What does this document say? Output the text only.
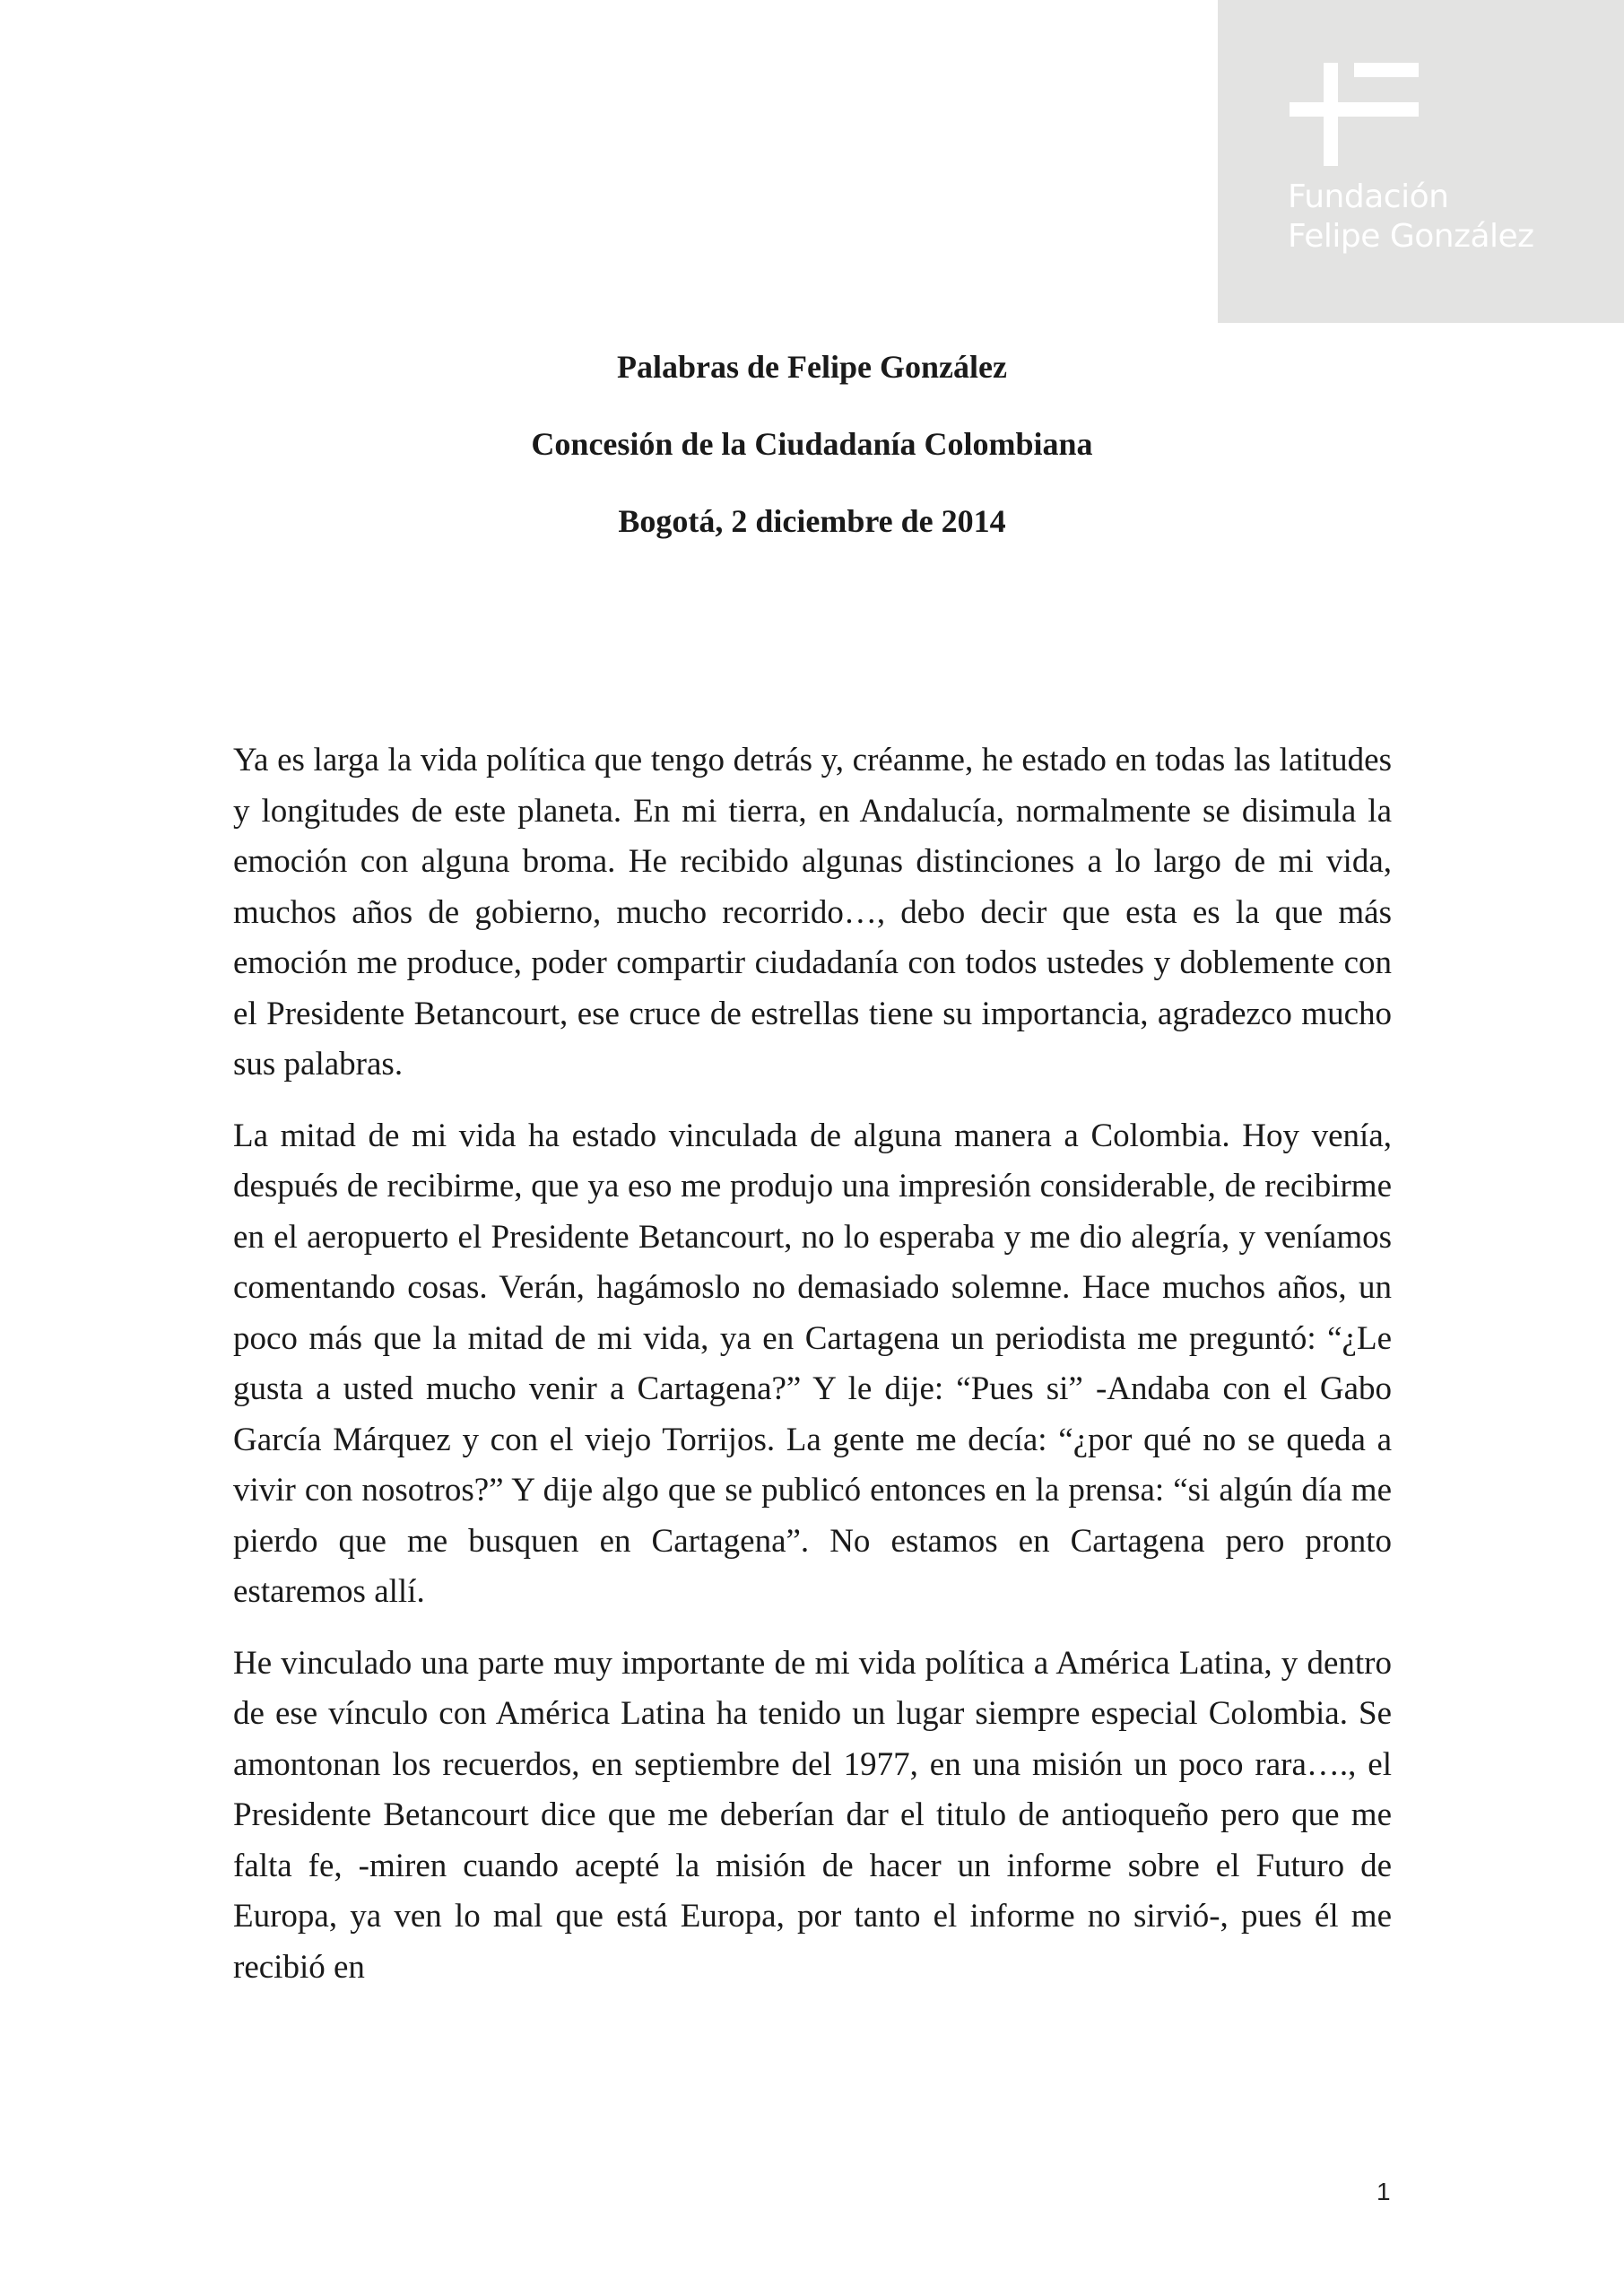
Fundación
Felipe González
Palabras de Felipe González
Concesión de la Ciudadanía Colombiana
Bogotá, 2 diciembre de 2014

Ya es larga la vida política que tengo detrás y, créanme, he estado en todas las latitudes y longitudes de este planeta. En mi tierra, en Andalucía, normalmente se disimula la emoción con alguna broma. He recibido algunas distinciones a lo largo de mi vida, muchos años de gobierno, mucho recorrido…, debo decir que esta es la que más emoción me produce, poder compartir ciudadanía con todos ustedes y doblemente con el Presidente Betancourt, ese cruce de estrellas tiene su importancia, agradezco mucho sus palabras.

La mitad de mi vida ha estado vinculada de alguna manera a Colombia. Hoy venía, después de recibirme, que ya eso me produjo una impresión considerable, de recibirme en el aeropuerto el Presidente Betancourt, no lo esperaba y me dio alegría, y veníamos comentando cosas. Verán, hagámoslo no demasiado solemne. Hace muchos años, un poco más que la mitad de mi vida, ya en Cartagena un periodista me preguntó: “¿Le gusta a usted mucho venir a Cartagena?” Y le dije: “Pues si” -Andaba con el Gabo García Márquez y con el viejo Torrijos. La gente me decía: “¿por qué no se queda a vivir con nosotros?” Y dije algo que se publicó entonces en la prensa: “si algún día me pierdo que me busquen en Cartagena”. No estamos en Cartagena pero pronto estaremos allí.

He vinculado una parte muy importante de mi vida política a América Latina, y dentro de ese vínculo con América Latina ha tenido un lugar siempre especial Colombia. Se amontonan los recuerdos, en septiembre del 1977, en una misión un poco rara…., el Presidente Betancourt dice que me deberían dar el titulo de antioqueño pero que me falta fe, -miren cuando acepté la misión de hacer un informe sobre el Futuro de Europa, ya ven lo mal que está Europa, por tanto el informe no sirvió-, pues él me recibió en

1
